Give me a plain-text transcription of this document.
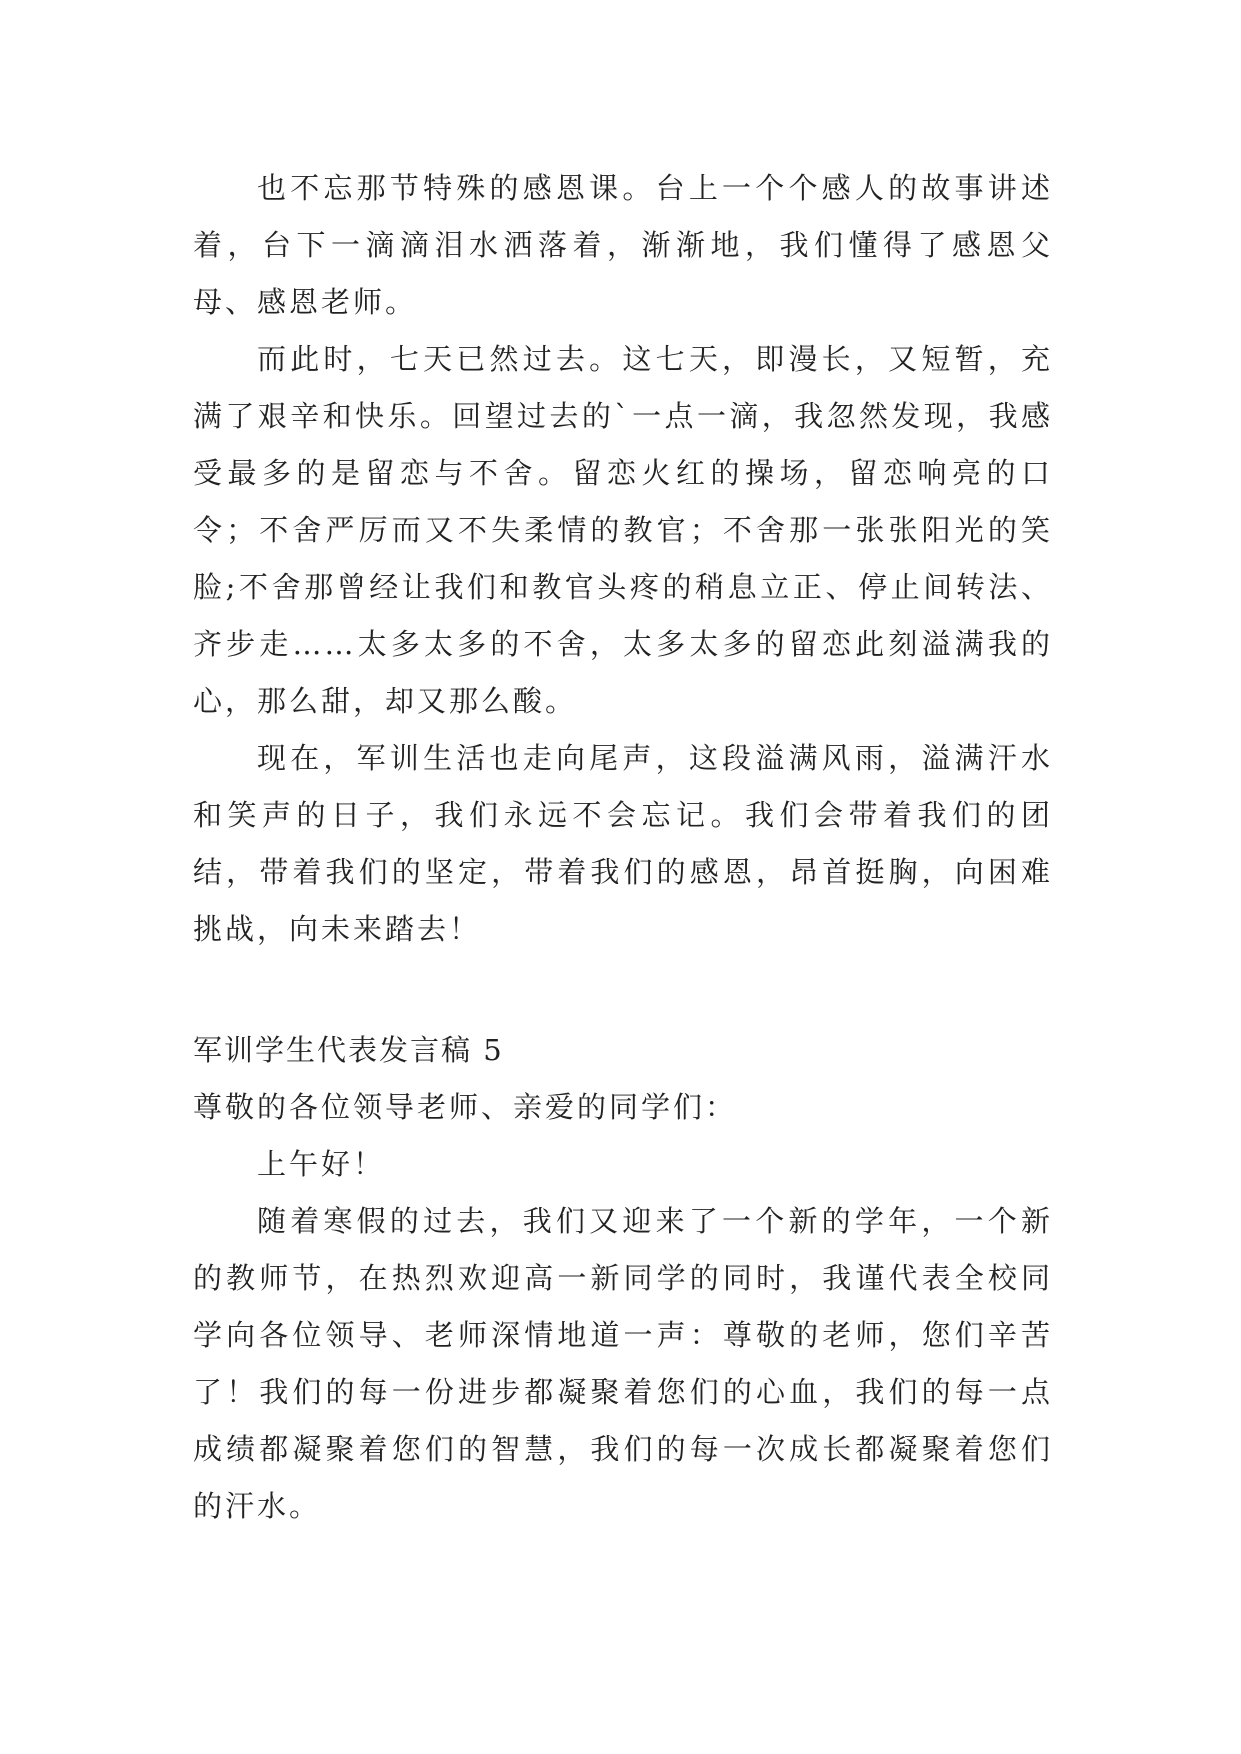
也不忘那节特殊的感恩课。台上一个个感人的故事讲述着，台下一滴滴泪水洒落着，渐渐地，我们懂得了感恩父母、感恩老师。

而此时，七天已然过去。这七天，即漫长，又短暂，充满了艰辛和快乐。回望过去的`一点一滴，我忽然发现，我感受最多的是留恋与不舍。留恋火红的操场，留恋响亮的口令；不舍严厉而又不失柔情的教官；不舍那一张张阳光的笑脸;不舍那曾经让我们和教官头疼的稍息立正、停止间转法、齐步走……太多太多的不舍，太多太多的留恋此刻溢满我的心，那么甜，却又那么酸。

现在，军训生活也走向尾声，这段溢满风雨，溢满汗水和笑声的日子，我们永远不会忘记。我们会带着我们的团结，带着我们的坚定，带着我们的感恩，昂首挺胸，向困难挑战，向未来踏去！

军训学生代表发言稿 5

尊敬的各位领导老师、亲爱的同学们：

上午好！

随着寒假的过去，我们又迎来了一个新的学年，一个新的教师节，在热烈欢迎高一新同学的同时，我谨代表全校同学向各位领导、老师深情地道一声：尊敬的老师，您们辛苦了！我们的每一份进步都凝聚着您们的心血，我们的每一点成绩都凝聚着您们的智慧，我们的每一次成长都凝聚着您们的汗水。
